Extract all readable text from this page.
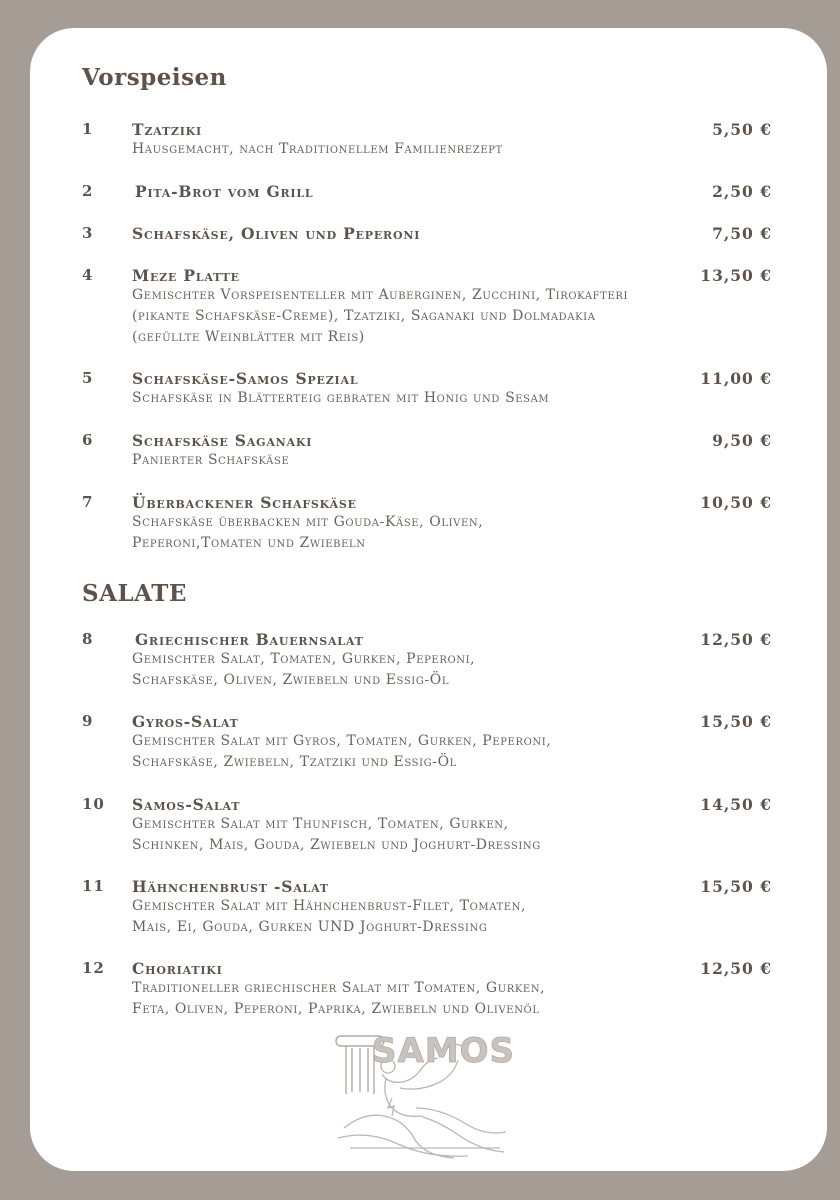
Vorspeisen
1 Tzatziki	5,50 €
Hausgemacht, nach Traditionellem Familienrezept
2	Pita-Brot vom Grill	2,50 €
3 Schafskäse, Oliven und Peperoni	7,50 €
4 Meze Platte	13,50 €
Gemischter Vorspeisenteller mit Auberginen, Zucchini, Tirokafteri
(pikante Schafskäse-Creme), Tzatziki, Saganaki und Dolmadakia
(gefüllte Weinblätter mit Reis)
5 Schafskäse-Samos Spezial	11,00 €
Schafskäse in Blätterteig gebraten mit Honig und Sesam
6 Schafskäse Saganaki	9,50 €
Panierter Schafskäse
7 Überbackener Schafskäse	10,50 €
Schafskäse überbacken mit Gouda-Käse, Oliven,
Peperoni,Tomaten und Zwiebeln
SALATE
8	Griechischer Bauernsalat	12,50 €
Gemischter Salat, Tomaten, Gurken, Peperoni,
Schafskäse, Oliven, Zwiebeln und Essig-Öl
9 Gyros-Salat	15,50 €
Gemischter Salat mit Gyros, Tomaten, Gurken, Peperoni,
Schafskäse, Zwiebeln, Tzatziki und Essig-Öl
10 Samos-Salat	14,50 €
Gemischter Salat mit Thunfisch, Tomaten, Gurken,
Schinken, Mais, Gouda, Zwiebeln und Joghurt-Dressing
11 Hähnchenbrust -Salat	15,50 €
Gemischter Salat mit Hähnchenbrust-Filet, Tomaten,
Mais, Ei, Gouda, Gurken UND Joghurt-Dressing
12 Choriatiki	12,50 €
Traditioneller griechischer Salat mit Tomaten, Gurken,
Feta, Oliven, Peperoni, Paprika, Zwiebeln und Olivenöl
SAMOS
